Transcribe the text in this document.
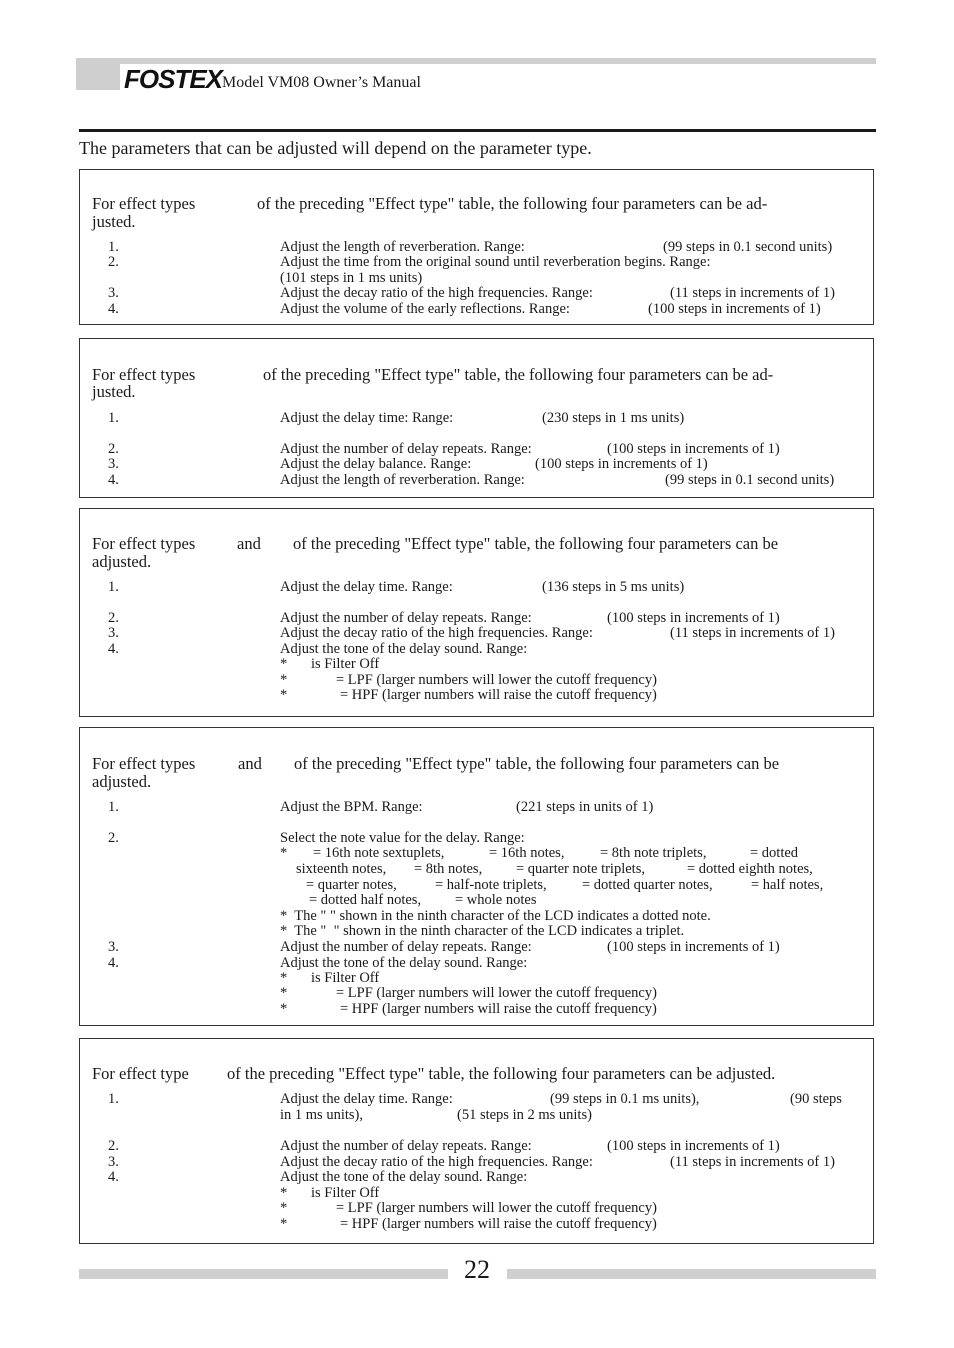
FOSTEX Model VM08 Owner’s Manual
The parameters that can be adjusted will depend on the parameter type.
For effect types	of the preceding "Effect type" table, the following four parameters can be ad-
justed.
1.	Adjust the length of reverberation. Range:	(99 steps in 0.1 second units)
2.	Adjust the time from the original sound until reverberation begins. Range:
(101 steps in 1 ms units)
3.	Adjust the decay ratio of the high frequencies. Range:	(11 steps in increments of 1)
4.	Adjust the volume of the early reflections. Range:	(100 steps in increments of 1)
For effect types	of the preceding "Effect type" table, the following four parameters can be ad-
justed.
1.	Adjust the delay time: Range:	(230 steps in 1 ms units)
2.	Adjust the number of delay repeats. Range:	(100 steps in increments of 1)
3.	Adjust the delay balance. Range:	(100 steps in increments of 1)
4.	Adjust the length of reverberation. Range:	(99 steps in 0.1 second units)
For effect types	and of the preceding "Effect type" table, the following four parameters can be
adjusted.
1.	Adjust the delay time. Range:	(136 steps in 5 ms units)
2.	Adjust the number of delay repeats. Range:	(100 steps in increments of 1)
3.	Adjust the decay ratio of the high frequencies. Range:	(11 steps in increments of 1)
4.	Adjust the tone of the delay sound. Range:
* is Filter Off
*	= LPF (larger numbers will lower the cutoff frequency)
*	= HPF (larger numbers will raise the cutoff frequency)
For effect types	and of the preceding "Effect type" table, the following four parameters can be
adjusted.
1.	Adjust the BPM. Range:	(221 steps in units of 1)
2.	Select the note value for the delay. Range:
* = 16th note sextuplets,	= 16th notes, = 8th note triplets,	= dotted
sixteenth notes, = 8th notes, = quarter note triplets,	= dotted eighth notes,
= quarter notes,	= half-note triplets, = dotted quarter notes,	= half notes,
= dotted half notes, = whole notes
*  The " " shown in the ninth character of the LCD indicates a dotted note.
*  The "  " shown in the ninth character of the LCD indicates a triplet.
3.	Adjust the number of delay repeats. Range:	(100 steps in increments of 1)
4.	Adjust the tone of the delay sound. Range:
* is Filter Off
*	= LPF (larger numbers will lower the cutoff frequency)
*	= HPF (larger numbers will raise the cutoff frequency)
For effect type of the preceding "Effect type" table, the following four parameters can be adjusted.
1.	Adjust the delay time. Range:	(99 steps in 0.1 ms units),	(90 steps
in 1 ms units),	(51 steps in 2 ms units)
2.	Adjust the number of delay repeats. Range:	(100 steps in increments of 1)
3.	Adjust the decay ratio of the high frequencies. Range:	(11 steps in increments of 1)
4.	Adjust the tone of the delay sound. Range:
* is Filter Off
*	= LPF (larger numbers will lower the cutoff frequency)
*	= HPF (larger numbers will raise the cutoff frequency)
22
